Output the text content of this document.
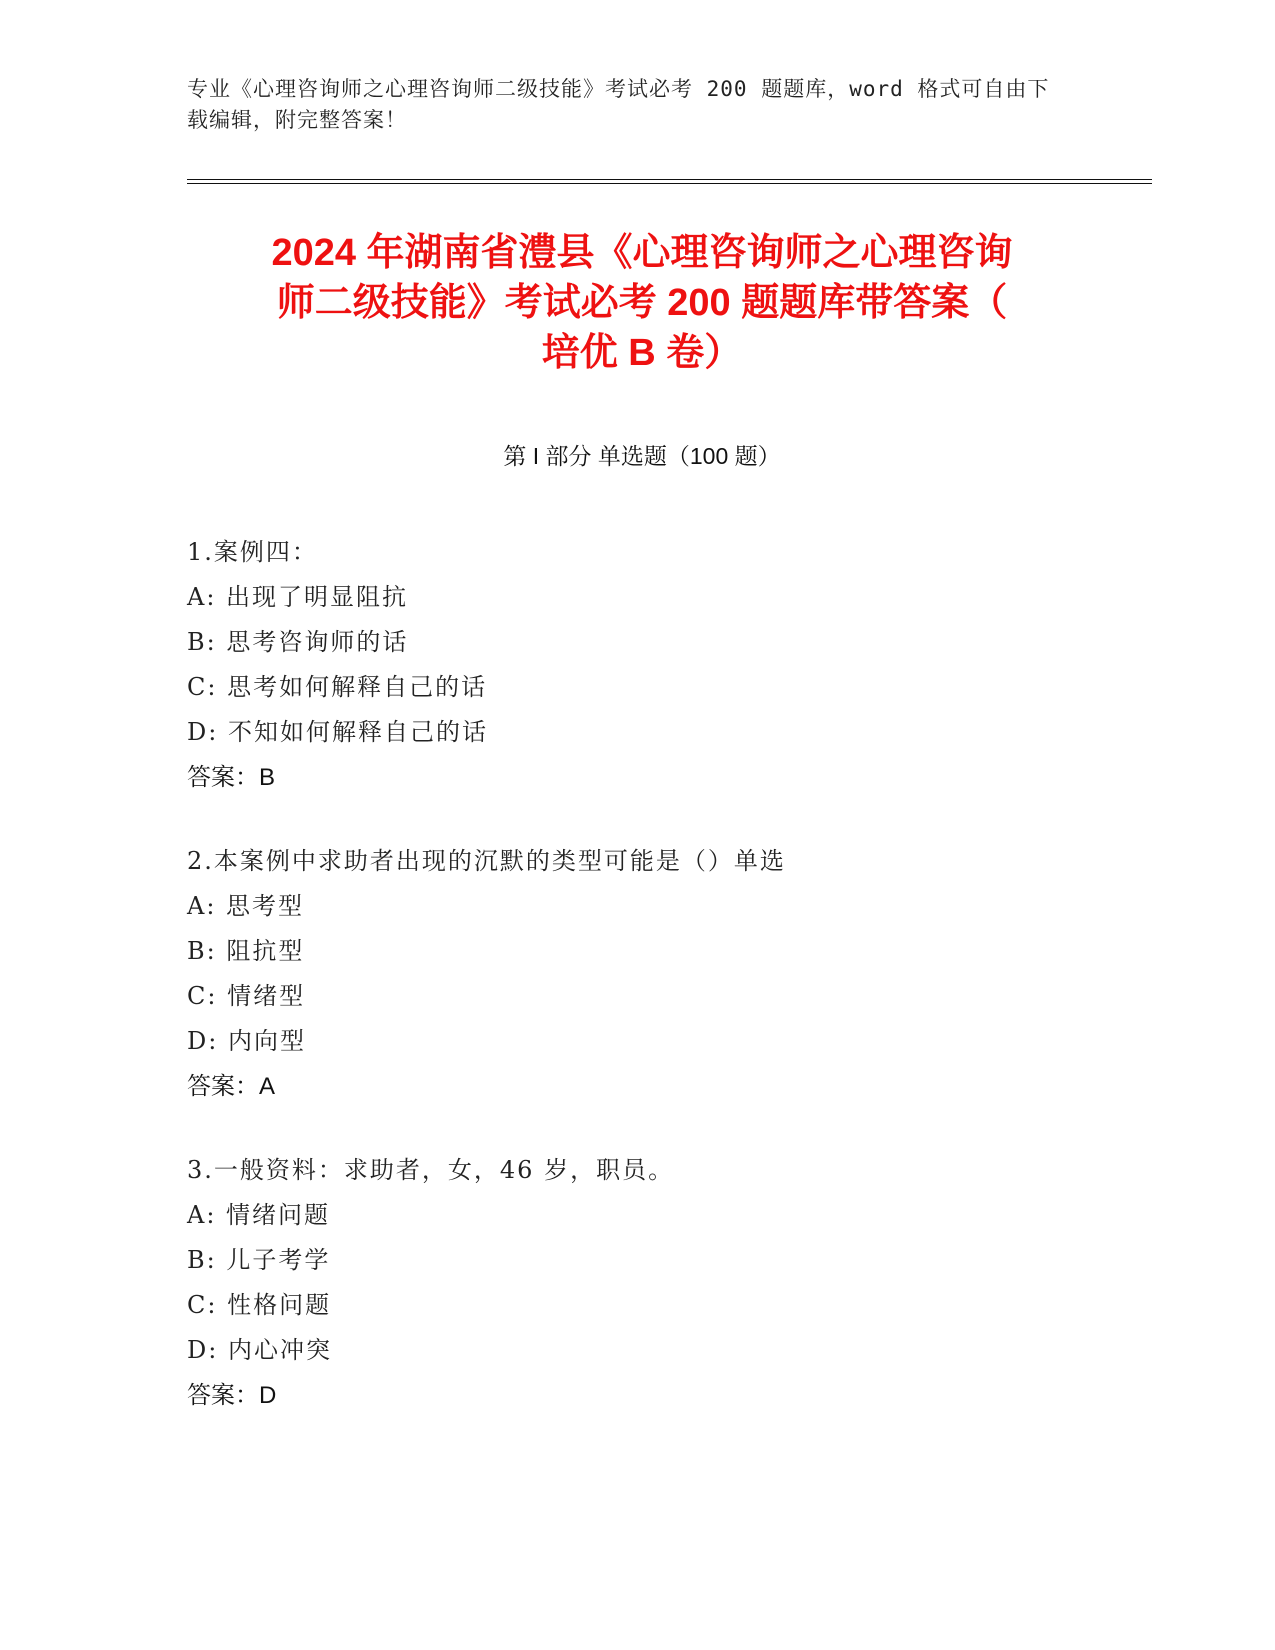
专业《心理咨询师之心理咨询师二级技能》考试必考 200 题题库，word 格式可自由下载编辑，附完整答案！
2024 年湖南省澧县《心理咨询师之心理咨询
师二级技能》考试必考 200 题题库带答案（
培优 B 卷）
第 I 部分 单选题（100 题）
1.案例四：
A: 出现了明显阻抗
B: 思考咨询师的话
C: 思考如何解释自己的话
D: 不知如何解释自己的话
答案：B
2.本案例中求助者出现的沉默的类型可能是（）单选
A: 思考型
B: 阻抗型
C: 情绪型
D: 内向型
答案：A
3.一般资料：求助者，女，46 岁，职员。
A: 情绪问题
B: 儿子考学
C: 性格问题
D: 内心冲突
答案：D
